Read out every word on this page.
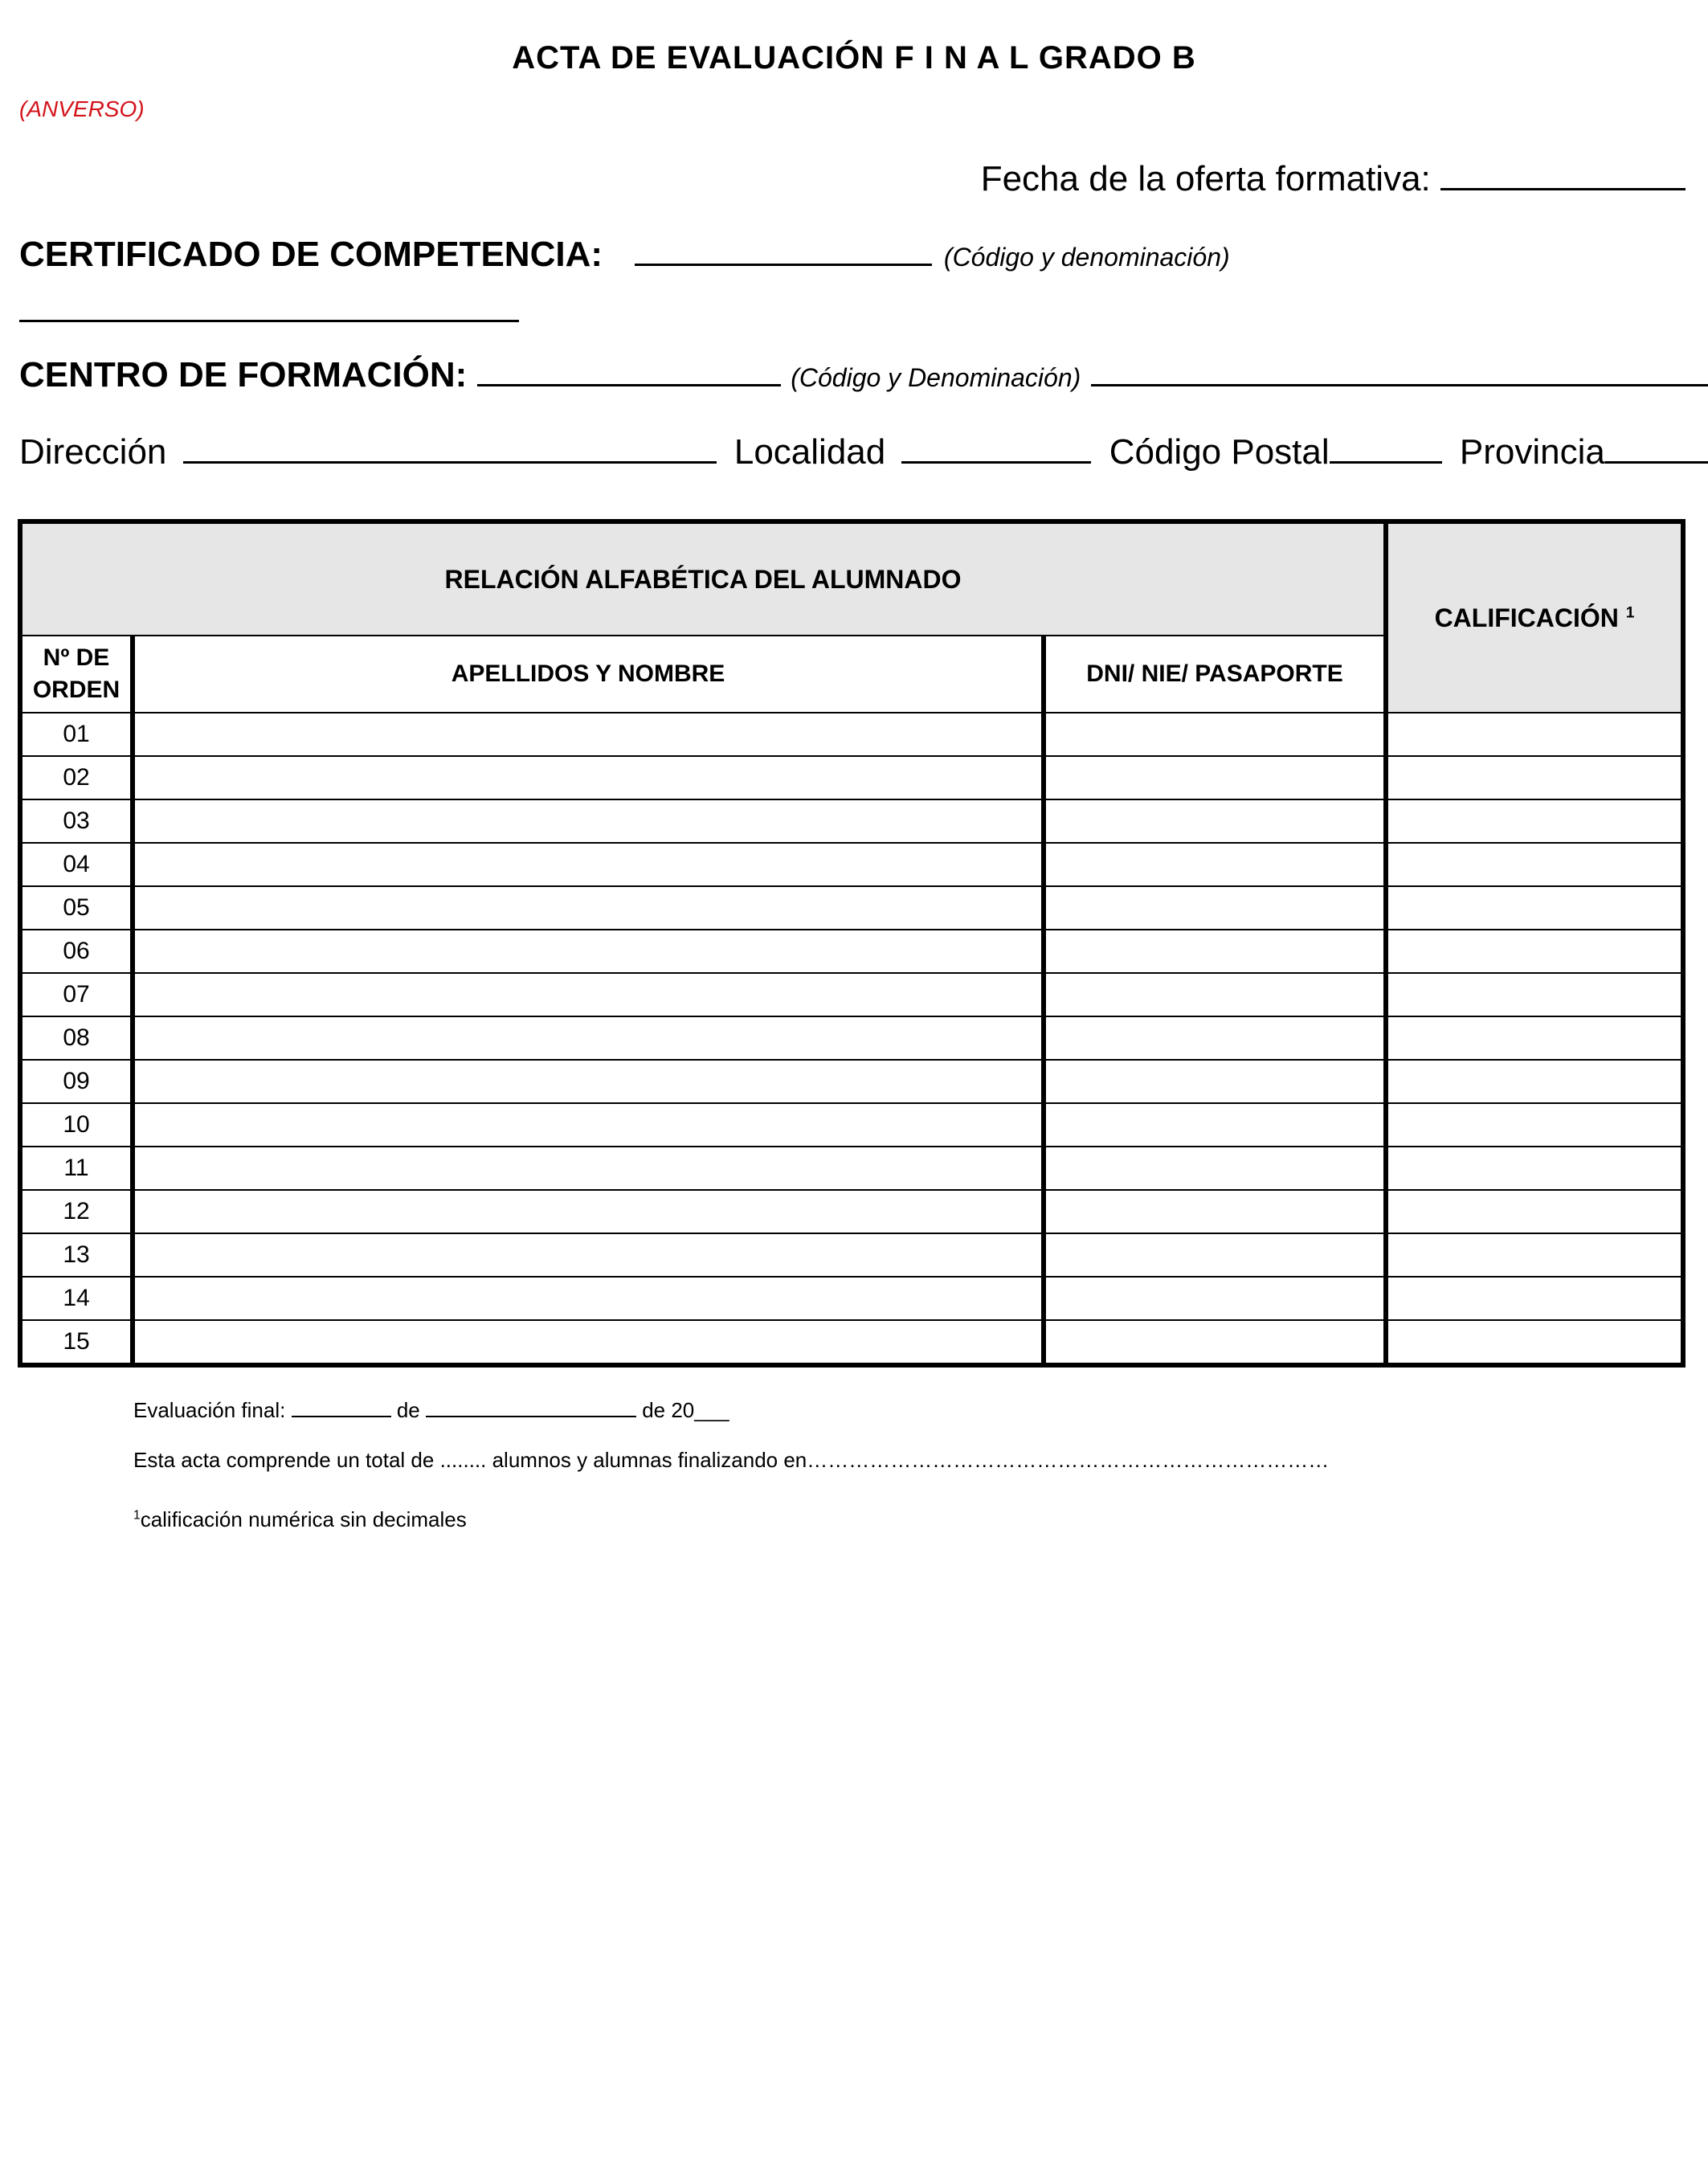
ACTA DE EVALUACIÓN F I N A L GRADO B
(ANVERSO)
Fecha de la oferta formativa:
CERTIFICADO DE COMPETENCIA:	(Código y denominación)
CENTRO DE FORMACIÓN:	(Código y Denominación)
Dirección	Localidad	Código Postal	Provincia
RELACIÓN ALFABÉTICA DEL ALUMNADO			CALIFICACIÓN $^1$

Nº DE
ORDEN	APELLIDOS Y NOMBRE	DNI/ NIE/ PASAPORTE	
01			
02			
03			
04			
05			
06			
07			
08			
09			
10			
11			
12			
13			
14			
15			
Evaluación final:	de	de 20___
Esta acta comprende un total de ........ alumnos y alumnas finalizando en…………………………………………………………………
$^1$calificación numérica sin decimales
